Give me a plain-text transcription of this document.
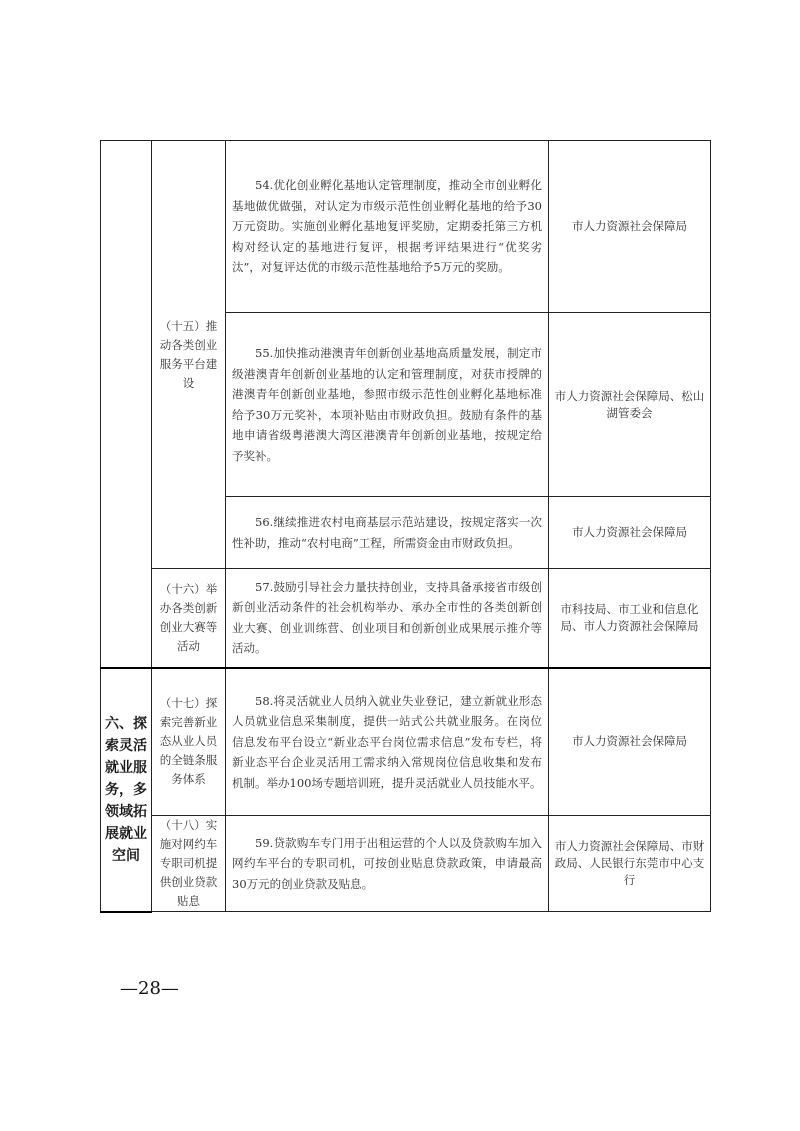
	（十五）推动各类创业服务平台建设	54.优化创业孵化基地认定管理制度，推动全市创业孵化基地做优做强，对认定为市级示范性创业孵化基地的给予30万元资助。实施创业孵化基地复评奖励，定期委托第三方机构对经认定的基地进行复评，根据考评结果进行“优奖劣汰”，对复评达优的市级示范性基地给予5万元的奖励。	市人力资源社会保障局

		55.加快推动港澳青年创新创业基地高质量发展，制定市级港澳青年创新创业基地的认定和管理制度，对获市授牌的港澳青年创新创业基地，参照市级示范性创业孵化基地标准给予30万元奖补，本项补贴由市财政负担。鼓励有条件的基地申请省级粤港澳大湾区港澳青年创新创业基地，按规定给予奖补。	市人力资源社会保障局、松山湖管委会

		56.继续推进农村电商基层示范站建设，按规定落实一次性补助，推动“农村电商”工程，所需资金由市财政负担。	市人力资源社会保障局
	（十六）举办各类创新创业大赛等活动	57.鼓励引导社会力量扶持创业，支持具备承接省市级创新创业活动条件的社会机构举办、承办全市性的各类创新创业大赛、创业训练营、创业项目和创新创业成果展示推介等活动。	市科技局、市工业和信息化局、市人力资源社会保障局
六、探索灵活就业服务，多领域拓展就业空间	（十七）探索完善新业态从业人员的全链条服务体系	58.将灵活就业人员纳入就业失业登记，建立新就业形态人员就业信息采集制度，提供一站式公共就业服务。在岗位信息发布平台设立“新业态平台岗位需求信息”发布专栏，将新业态平台企业灵活用工需求纳入常规岗位信息收集和发布机制。举办100场专题培训班，提升灵活就业人员技能水平。	市人力资源社会保障局
	（十八）实施对网约车专职司机提供创业贷款贴息	59.贷款购车专门用于出租运营的个人以及贷款购车加入网约车平台的专职司机，可按创业贴息贷款政策，申请最高30万元的创业贷款及贴息。	市人力资源社会保障局、市财政局、人民银行东莞市中心支行
—28—
